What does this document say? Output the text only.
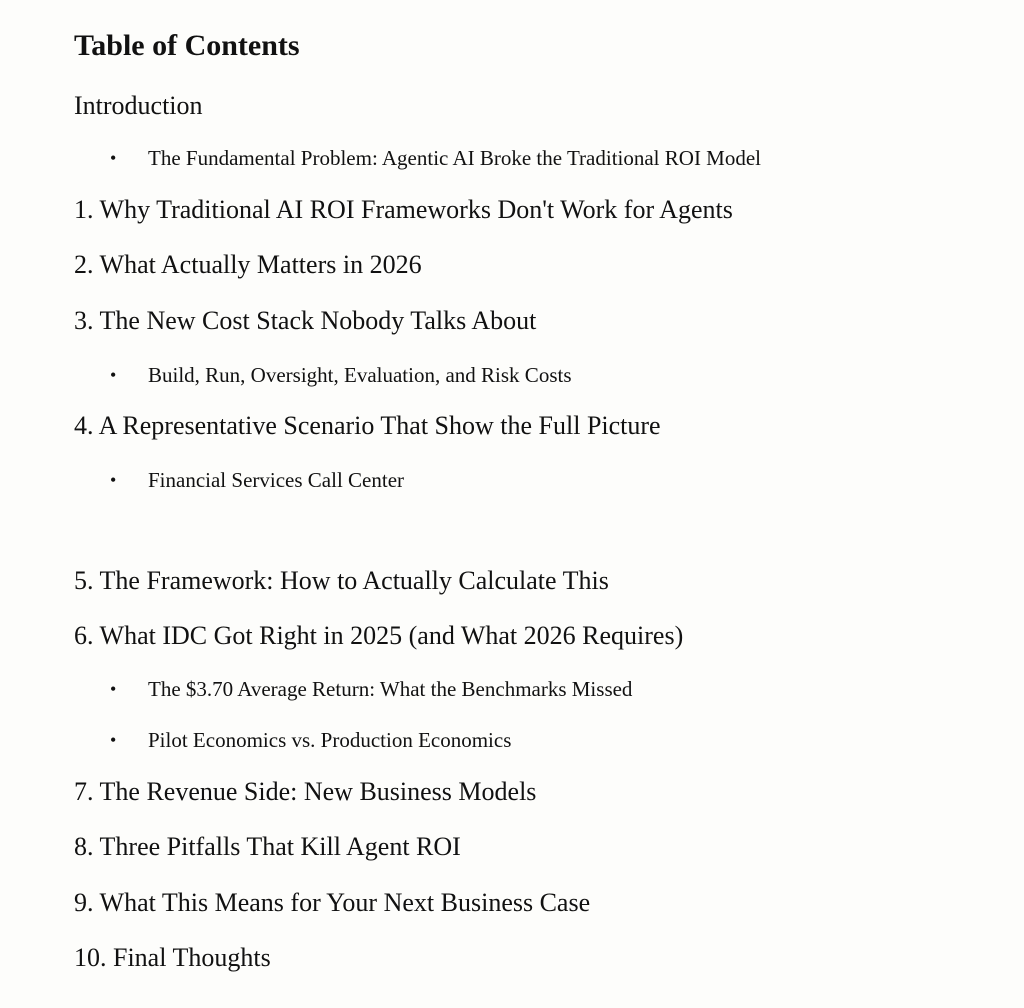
Table of Contents
Introduction
• The Fundamental Problem: Agentic AI Broke the Traditional ROI Model
1. Why Traditional AI ROI Frameworks Don't Work for Agents
2. What Actually Matters in 2026
3. The New Cost Stack Nobody Talks About
• Build, Run, Oversight, Evaluation, and Risk Costs
4. A Representative Scenario That Show the Full Picture
• Financial Services Call Center
5. The Framework: How to Actually Calculate This
6. What IDC Got Right in 2025 (and What 2026 Requires)
• The $3.70 Average Return: What the Benchmarks Missed
• Pilot Economics vs. Production Economics
7. The Revenue Side: New Business Models
8. Three Pitfalls That Kill Agent ROI
9. What This Means for Your Next Business Case
10. Final Thoughts
